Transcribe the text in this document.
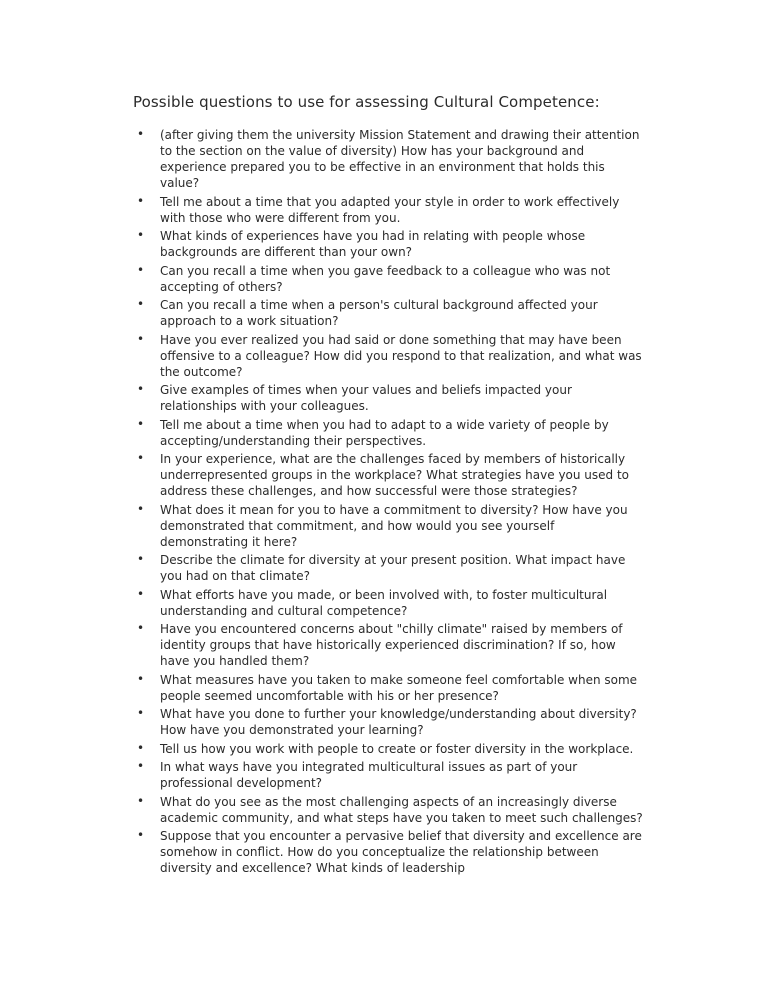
Possible questions to use for assessing Cultural Competence:
• (after giving them the university Mission Statement and drawing their attention to the section on the value of diversity) How has your background and experience prepared you to be effective in an environment that holds this value?
• Tell me about a time that you adapted your style in order to work effectively with those who were different from you.
• What kinds of experiences have you had in relating with people whose backgrounds are different than your own?
• Can you recall a time when you gave feedback to a colleague who was not accepting of others?
• Can you recall a time when a person's cultural background affected your approach to a work situation?
• Have you ever realized you had said or done something that may have been offensive to a colleague? How did you respond to that realization, and what was the outcome?
• Give examples of times when your values and beliefs impacted your relationships with your colleagues.
• Tell me about a time when you had to adapt to a wide variety of people by accepting/understanding their perspectives.
• In your experience, what are the challenges faced by members of historically underrepresented groups in the workplace? What strategies have you used to address these challenges, and how successful were those strategies?
• What does it mean for you to have a commitment to diversity? How have you demonstrated that commitment, and how would you see yourself demonstrating it here?
• Describe the climate for diversity at your present position. What impact have you had on that climate?
• What efforts have you made, or been involved with, to foster multicultural understanding and cultural competence?
• Have you encountered concerns about "chilly climate" raised by members of identity groups that have historically experienced discrimination? If so, how have you handled them?
• What measures have you taken to make someone feel comfortable when some people seemed uncomfortable with his or her presence?
• What have you done to further your knowledge/understanding about diversity? How have you demonstrated your learning?
• Tell us how you work with people to create or foster diversity in the workplace.
• In what ways have you integrated multicultural issues as part of your professional development?
• What do you see as the most challenging aspects of an increasingly diverse academic community, and what steps have you taken to meet such challenges?
• Suppose that you encounter a pervasive belief that diversity and excellence are somehow in conflict. How do you conceptualize the relationship between diversity and excellence? What kinds of leadership
